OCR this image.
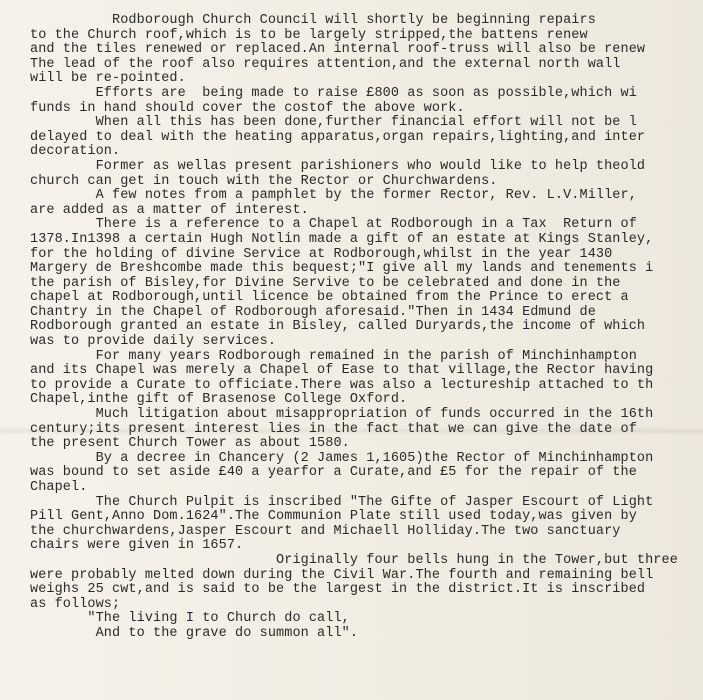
Rodborough Church Council will shortly be beginning repairs
to the Church roof,which is to be largely stripped,the battens renew
and the tiles renewed or replaced.An internal roof-truss will also be renew
The lead of the roof also requires attention,and the external north wall
will be re-pointed.
Efforts are  being made to raise £800 as soon as possible,which wi
funds in hand should cover the costof the above work.
When all this has been done,further financial effort will not be l
delayed to deal with the heating apparatus,organ repairs,lighting,and inter
decoration.
Former as wellas present parishioners who would like to help theold
church can get in touch with the Rector or Churchwardens.
A few notes from a pamphlet by the former Rector, Rev. L.V.Miller,
are added as a matter of interest.
There is a reference to a Chapel at Rodborough in a Tax  Return of
1378.In1398 a certain Hugh Notlin made a gift of an estate at Kings Stanley,
for the holding of divine Service at Rodborough,whilst in the year 1430
Margery de Breshcombe made this bequest;"I give all my lands and tenements i
the parish of Bisley,for Divine Servive to be celebrated and done in the
chapel at Rodborough,until licence be obtained from the Prince to erect a
Chantry in the Chapel of Rodborough aforesaid."Then in 1434 Edmund de
Rodborough granted an estate in Bisley, called Duryards,the income of which
was to provide daily services.
For many years Rodborough remained in the parish of Minchinhampton
and its Chapel was merely a Chapel of Ease to that village,the Rector having
to provide a Curate to officiate.There was also a lectureship attached to th
Chapel,inthe gift of Brasenose College Oxford.
Much litigation about misappropriation of funds occurred in the 16th
century;its present interest lies in the fact that we can give the date of
the present Church Tower as about 1580.
By a decree in Chancery (2 James 1,1605)the Rector of Minchinhampton
was bound to set aside £40 a yearfor a Curate,and £5 for the repair of the
Chapel.
The Church Pulpit is inscribed "The Gifte of Jasper Escourt of Light
Pill Gent,Anno Dom.1624".The Communion Plate still used today,was given by
the churchwardens,Jasper Escourt and Michaell Holliday.The two sanctuary
chairs were given in 1657.
Originally four bells hung in the Tower,but three
were probably melted down during the Civil War.The fourth and remaining bell
weighs 25 cwt,and is said to be the largest in the district.It is inscribed
as follows;
"The living I to Church do call,
And to the grave do summon all".
